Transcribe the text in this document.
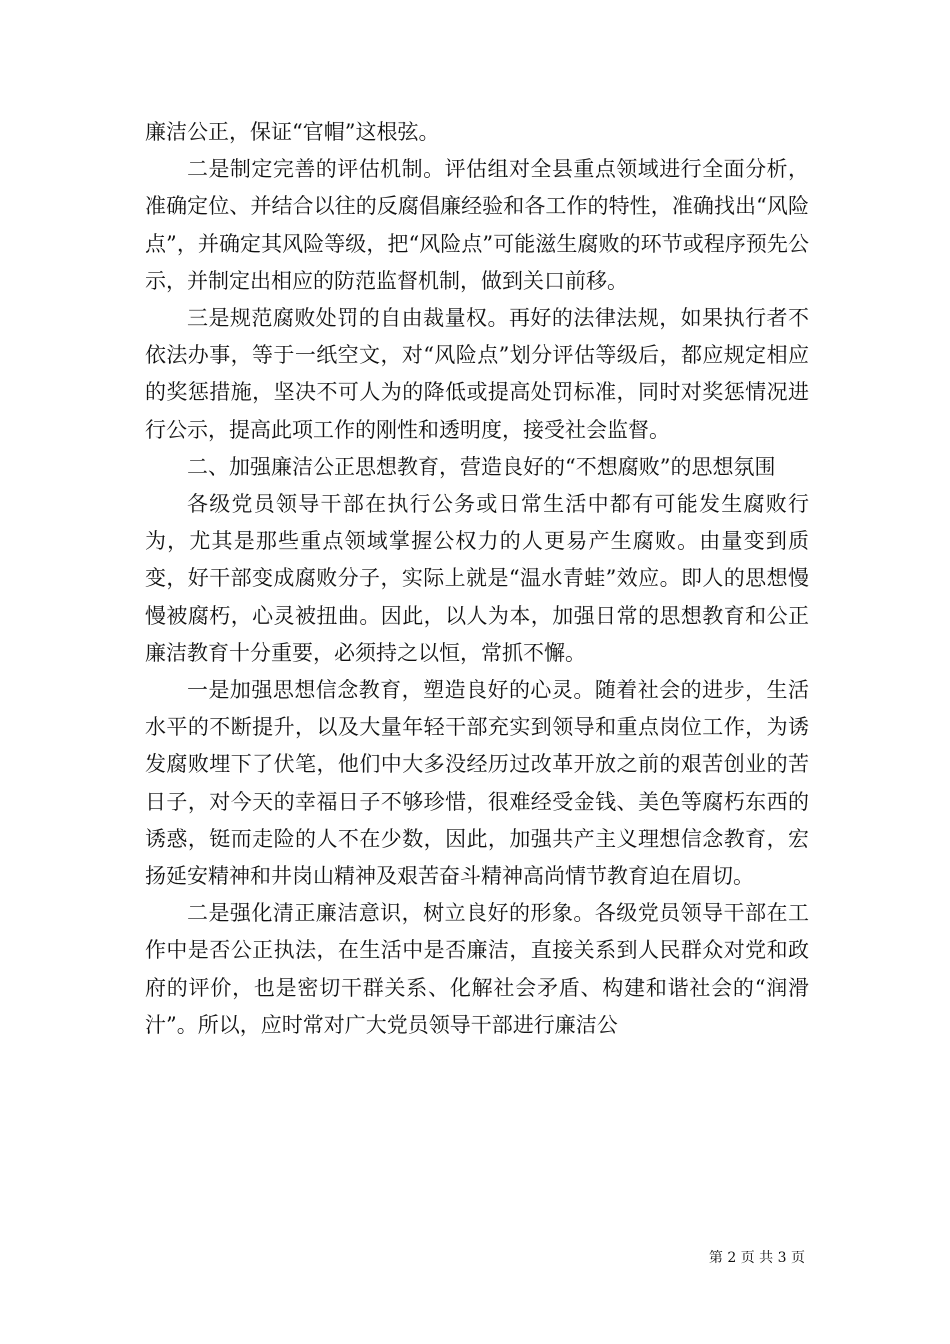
廉洁公正，保证“官帽”这根弦。

二是制定完善的评估机制。评估组对全县重点领域进行全面分析，准确定位、并结合以往的反腐倡廉经验和各工作的特性，准确找出“风险点”，并确定其风险等级，把“风险点”可能滋生腐败的环节或程序预先公示，并制定出相应的防范监督机制，做到关口前移。

三是规范腐败处罚的自由裁量权。再好的法律法规，如果执行者不依法办事，等于一纸空文，对“风险点”划分评估等级后，都应规定相应的奖惩措施，坚决不可人为的降低或提高处罚标准，同时对奖惩情况进行公示，提高此项工作的刚性和透明度，接受社会监督。

二、加强廉洁公正思想教育，营造良好的“不想腐败”的思想氛围

各级党员领导干部在执行公务或日常生活中都有可能发生腐败行为，尤其是那些重点领域掌握公权力的人更易产生腐败。由量变到质变，好干部变成腐败分子，实际上就是“温水青蛙”效应。即人的思想慢慢被腐朽，心灵被扭曲。因此，以人为本，加强日常的思想教育和公正廉洁教育十分重要，必须持之以恒，常抓不懈。

一是加强思想信念教育，塑造良好的心灵。随着社会的进步，生活水平的不断提升，以及大量年轻干部充实到领导和重点岗位工作，为诱发腐败埋下了伏笔，他们中大多没经历过改革开放之前的艰苦创业的苦日子，对今天的幸福日子不够珍惜，很难经受金钱、美色等腐朽东西的诱惑，铤而走险的人不在少数，因此，加强共产主义理想信念教育，宏扬延安精神和井岗山精神及艰苦奋斗精神高尚情节教育迫在眉切。

二是强化清正廉洁意识，树立良好的形象。各级党员领导干部在工作中是否公正执法，在生活中是否廉洁，直接关系到人民群众对党和政府的评价，也是密切干群关系、化解社会矛盾、构建和谐社会的“润滑汁”。所以，应时常对广大党员领导干部进行廉洁公

第 2 页 共 3 页
